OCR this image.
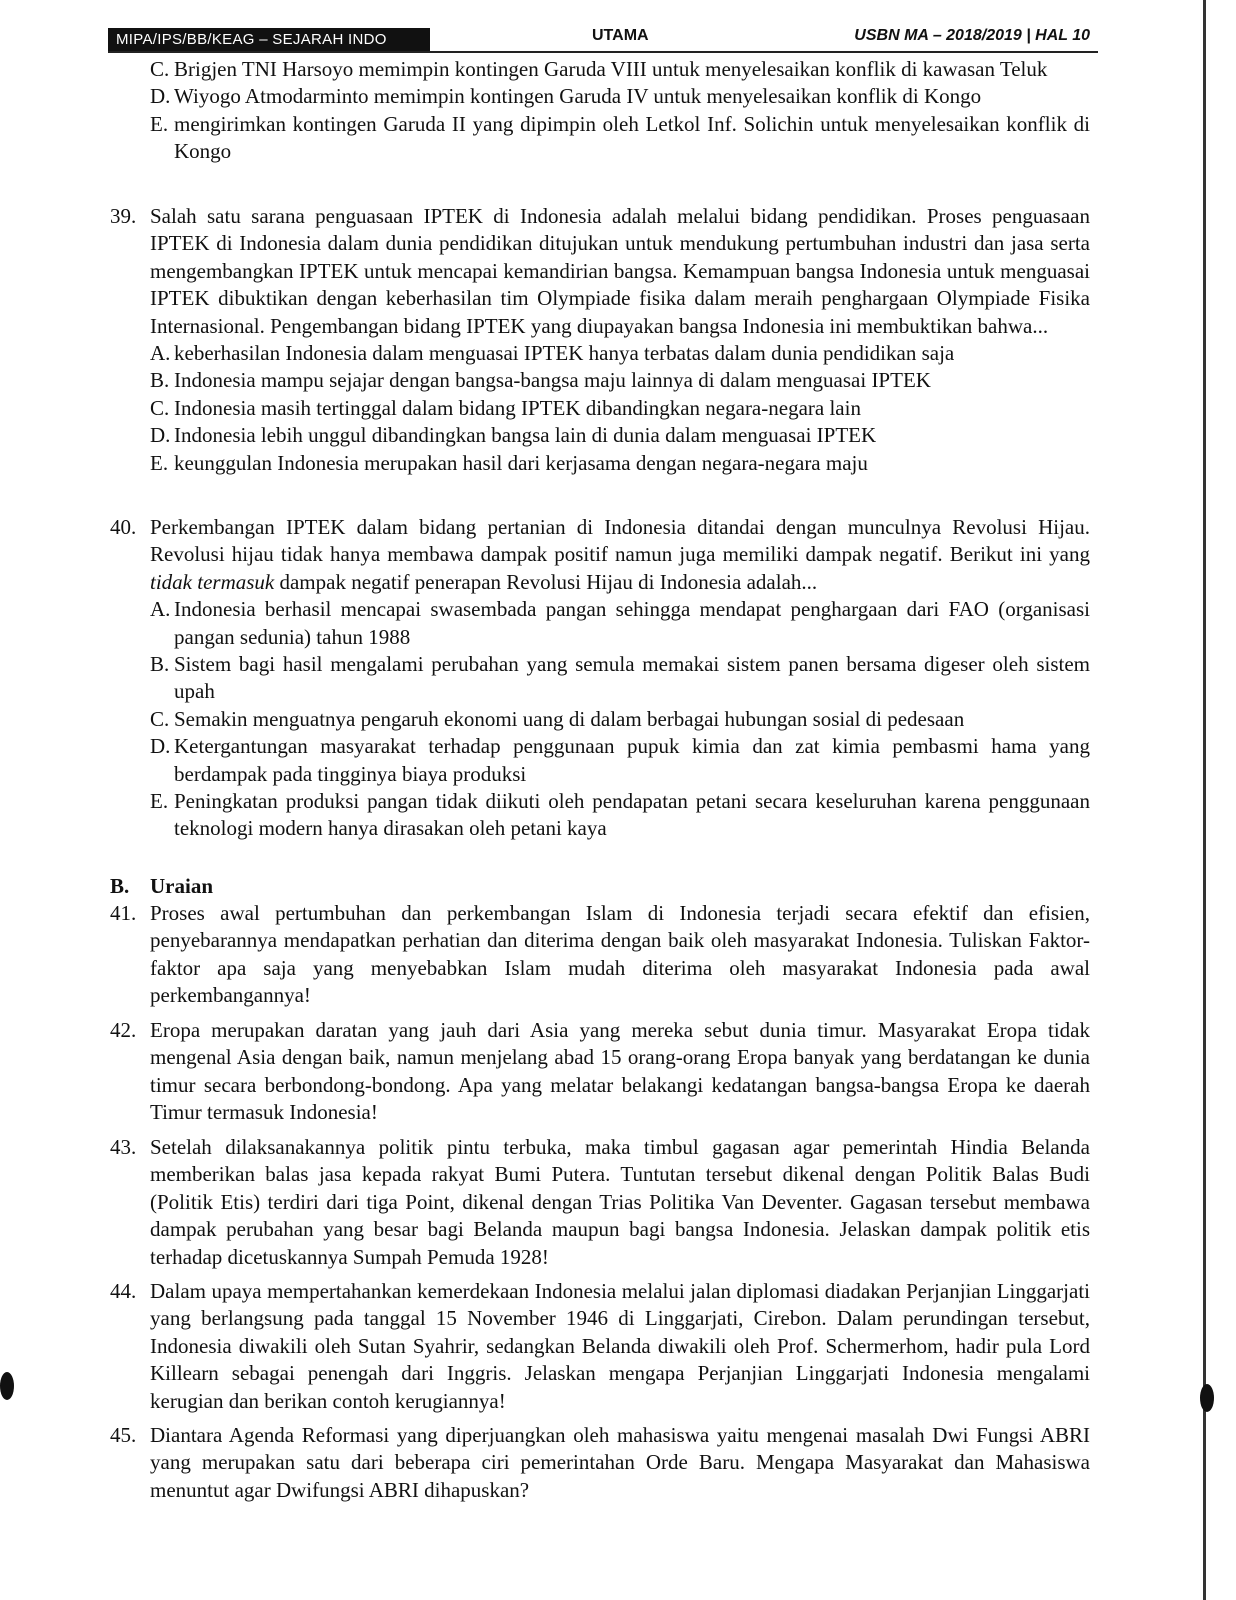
MIPA/IPS/BB/KEAG – SEJARAH INDO	UTAMA	USBN MA – 2018/2019 | HAL 10
C. Brigjen TNI Harsoyo memimpin kontingen Garuda VIII untuk menyelesaikan konflik di kawasan Teluk
D. Wiyogo Atmodarminto memimpin kontingen Garuda IV untuk menyelesaikan konflik di Kongo
E. mengirimkan kontingen Garuda II yang dipimpin oleh Letkol Inf. Solichin untuk menyelesaikan konflik di Kongo
39. Salah satu sarana penguasaan IPTEK di Indonesia adalah melalui bidang pendidikan. Proses penguasaan IPTEK di Indonesia dalam dunia pendidikan ditujukan untuk mendukung pertumbuhan industri dan jasa serta mengembangkan IPTEK untuk mencapai kemandirian bangsa. Kemampuan bangsa Indonesia untuk menguasai IPTEK dibuktikan dengan keberhasilan tim Olympiade fisika dalam meraih penghargaan Olympiade Fisika Internasional. Pengembangan bidang IPTEK yang diupayakan bangsa Indonesia ini membuktikan bahwa...
A. keberhasilan Indonesia dalam menguasai IPTEK hanya terbatas dalam dunia pendidikan saja
B. Indonesia mampu sejajar dengan bangsa-bangsa maju lainnya di dalam menguasai IPTEK
C. Indonesia masih tertinggal dalam bidang IPTEK dibandingkan negara-negara lain
D. Indonesia lebih unggul dibandingkan bangsa lain di dunia dalam menguasai IPTEK
E. keunggulan Indonesia merupakan hasil dari kerjasama dengan negara-negara maju
40. Perkembangan IPTEK dalam bidang pertanian di Indonesia ditandai dengan munculnya Revolusi Hijau. Revolusi hijau tidak hanya membawa dampak positif namun juga memiliki dampak negatif. Berikut ini yang tidak termasuk dampak negatif penerapan Revolusi Hijau di Indonesia adalah...
A. Indonesia berhasil mencapai swasembada pangan sehingga mendapat penghargaan dari FAO (organisasi pangan sedunia) tahun 1988
B. Sistem bagi hasil mengalami perubahan yang semula memakai sistem panen bersama digeser oleh sistem upah
C. Semakin menguatnya pengaruh ekonomi uang di dalam berbagai hubungan sosial di pedesaan
D. Ketergantungan masyarakat terhadap penggunaan pupuk kimia dan zat kimia pembasmi hama yang berdampak pada tingginya biaya produksi
E. Peningkatan produksi pangan tidak diikuti oleh pendapatan petani secara keseluruhan karena penggunaan teknologi modern hanya dirasakan oleh petani kaya
B. Uraian
41. Proses awal pertumbuhan dan perkembangan Islam di Indonesia terjadi secara efektif dan efisien, penyebarannya mendapatkan perhatian dan diterima dengan baik oleh masyarakat Indonesia. Tuliskan Faktor-faktor apa saja yang menyebabkan Islam mudah diterima oleh masyarakat Indonesia pada awal perkembangannya!
42. Eropa merupakan daratan yang jauh dari Asia yang mereka sebut dunia timur. Masyarakat Eropa tidak mengenal Asia dengan baik, namun menjelang abad 15 orang-orang Eropa banyak yang berdatangan ke dunia timur secara berbondong-bondong. Apa yang melatar belakangi kedatangan bangsa-bangsa Eropa ke daerah Timur termasuk Indonesia!
43. Setelah dilaksanakannya politik pintu terbuka, maka timbul gagasan agar pemerintah Hindia Belanda memberikan balas jasa kepada rakyat Bumi Putera. Tuntutan tersebut dikenal dengan Politik Balas Budi (Politik Etis) terdiri dari tiga Point, dikenal dengan Trias Politika Van Deventer. Gagasan tersebut membawa dampak perubahan yang besar bagi Belanda maupun bagi bangsa Indonesia. Jelaskan dampak politik etis terhadap dicetuskannya Sumpah Pemuda 1928!
44. Dalam upaya mempertahankan kemerdekaan Indonesia melalui jalan diplomasi diadakan Perjanjian Linggarjati yang berlangsung pada tanggal 15 November 1946 di Linggarjati, Cirebon. Dalam perundingan tersebut, Indonesia diwakili oleh Sutan Syahrir, sedangkan Belanda diwakili oleh Prof. Schermerhom, hadir pula Lord Killearn sebagai penengah dari Inggris. Jelaskan mengapa Perjanjian Linggarjati Indonesia mengalami kerugian dan berikan contoh kerugiannya!
45. Diantara Agenda Reformasi yang diperjuangkan oleh mahasiswa yaitu mengenai masalah Dwi Fungsi ABRI yang merupakan satu dari beberapa ciri pemerintahan Orde Baru. Mengapa Masyarakat dan Mahasiswa menuntut agar Dwifungsi ABRI dihapuskan?
